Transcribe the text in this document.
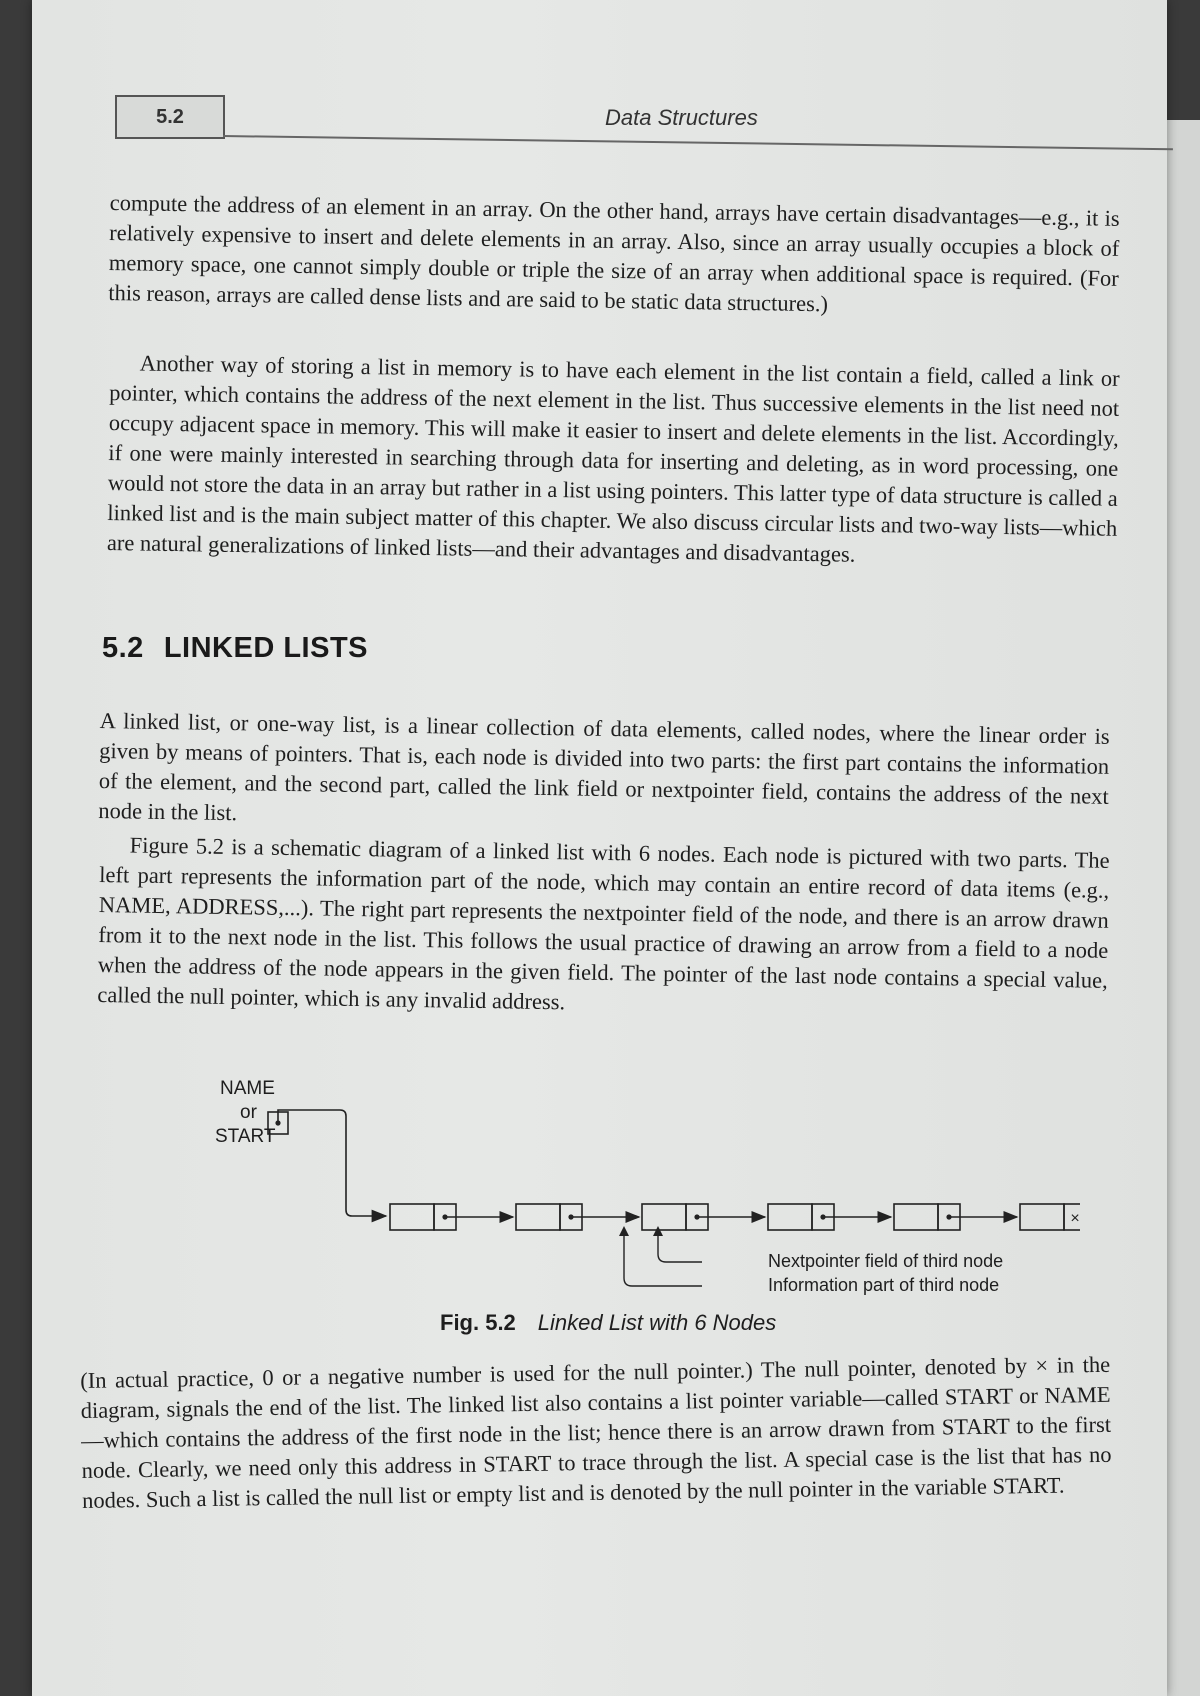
5.2	Data Structures

compute the address of an element in an array. On the other hand, arrays have certain disadvantages—e.g., it is relatively expensive to insert and delete elements in an array. Also, since an array usually occupies a block of memory space, one cannot simply double or triple the size of an array when additional space is required. (For this reason, arrays are called dense lists and are said to be static data structures.)

Another way of storing a list in memory is to have each element in the list contain a field, called a link or pointer, which contains the address of the next element in the list. Thus successive elements in the list need not occupy adjacent space in memory. This will make it easier to insert and delete elements in the list. Accordingly, if one were mainly interested in searching through data for inserting and deleting, as in word processing, one would not store the data in an array but rather in a list using pointers. This latter type of data structure is called a linked list and is the main subject matter of this chapter. We also discuss circular lists and two-way lists—which are natural generalizations of linked lists—and their advantages and disadvantages.

5.2 LINKED LISTS

A linked list, or one-way list, is a linear collection of data elements, called nodes, where the linear order is given by means of pointers. That is, each node is divided into two parts: the first part contains the information of the element, and the second part, called the link field or nextpointer field, contains the address of the next node in the list.

Figure 5.2 is a schematic diagram of a linked list with 6 nodes. Each node is pictured with two parts. The left part represents the information part of the node, which may contain an entire record of data items (e.g., NAME, ADDRESS,...). The right part represents the nextpointer field of the node, and there is an arrow drawn from it to the next node in the list. This follows the usual practice of drawing an arrow from a field to a node when the address of the node appears in the given field. The pointer of the last node contains a special value, called the null pointer, which is any invalid address.

×
NAME
or
START
Nextpointer field of third node
Information part of third node
Fig. 5.2 Linked List with 6 Nodes

(In actual practice, 0 or a negative number is used for the null pointer.) The null pointer, denoted by × in the diagram, signals the end of the list. The linked list also contains a list pointer variable—called START or NAME—which contains the address of the first node in the list; hence there is an arrow drawn from START to the first node. Clearly, we need only this address in START to trace through the list. A special case is the list that has no nodes. Such a list is called the null list or empty list and is denoted by the null pointer in the variable START.
